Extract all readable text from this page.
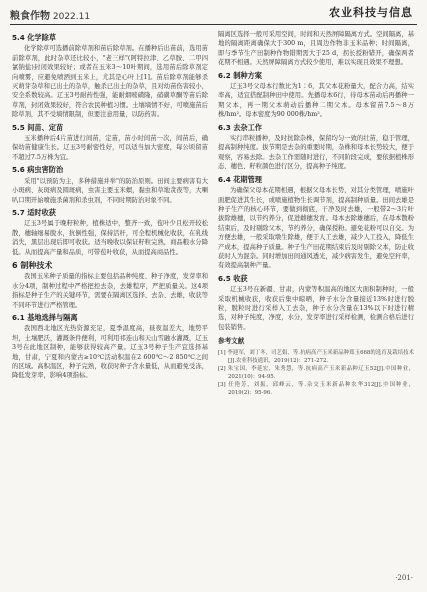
粮食作物 2022.11	农业科技与信息
5.4 化学除草

化学除草可选播前除草剂和苗后除草剂。在播种后出苗前，选用苗前除草剂，此时杂草还比较小，"老三样"(阿特拉津、乙草胺、二甲四氯钠盐)封闭效果较好；或者在玉米3～10叶期间，选用苗后除草剂定向喷雾，应避免喷洒到玉米上，尤其是心叶上[1]。苗后除草剂能够杀灭萌芽杂草和已出土的杂草，触杀已出土的杂草，且对幼苗伤害较小，安全系数较高。辽玉3号耐药性强，能耐烟嘧磺隆，硝磺草酮等苗后除草剂，封闭效果较好，符合农民种植习惯。土壤墒情不好，可喷施苗后除草剂，其不受墒情限制，但要注意用量，以防药害。

5.5 间苗、定苗

玉米播种后4片苗进行间苗，定苗，苗小时间苗一次，间苗后，确保幼苗健康生长。辽玉3号耐密性好，可以适当加大密度，每公顷留苗不超过7.5万株为宜。

5.6 病虫害防治

采用"以预防为主，多种措施并举"的防治原则。田间主要病害有大小斑病、灰斑病及圆斑病，虫害主要玉米螟，黏虫和草地贪夜等，大喇叭口期开始喷施杀菌剂和杀虫剂，不同时期防治对象不同。

5.7 适时收获

辽玉3号属于晚籽粒种，植株适中，整齐一致，苞叶少且松开较松散，穗轴细易脱水，抗倒性强，保持活秆，可全程机械化收获，在乳线消失，黑层出现后即可收获。适当晚收以保证籽粒完熟，商品粮水分降低。从而提高产量和品质，可带苞叶收获，从而提高商品性。

6 制种技术

我国玉米种子质量的指标主要包括品种纯度、种子净度，发芽率和水分4项，制种过程中严格把控去杂，去雄程序，严把质量关。这4项指标是种子生产的关键环节，需要在隔离区选择、去杂、去雄，收获等不同环节进行严格管理。

6.1 基地选择与隔离

我国西北地区光热资源充足，夏季温度高，昼夜温差大，地势平坦，土壤肥沃，灌溉条件便利，可利用祁连山和天山雪融水灌溉，辽玉3号在此地区制种，能够获得较高产量。辽玉3号种子生产宜选择基地，甘肃，宁夏和内蒙古≥10℃活动积温在2 600℃～2 850℃之间的区域。高积温区，种子完熟，收获时种子含水量低，从而避免受冻，降低发芽率，影响4项指标。

隔离区选择一般可采用空间，时间和天然屏障隔离方式。空间隔离，基地的隔离距离确保大于300 m，且周边作物非玉米品种；时间隔离，即与季节生产田制种作物错期需大于25 d，拐长授粉错开，确保两者花期不相遇。天然屏障隔离方式较少使用，难以实现且效果不理想。

6.2 制种方案

辽玉3号父母本行数比为1∶6，其父本花粉量大，配合力高，结实率高，适宜搭配制种田中使用。先播母本6行，待母本苗动后再播种一期父本，再一期父本萌动后播种二期父本。母本留苗7.5～8万株/hm²。母本密度为90 000株/hm²。

6.3 去杂工作

实行串粒播种，及时抗除杂株，保留均匀一致的壮苗，稳于管理，提高制种纯度。拔节期是去杂的重要时期，杂株和母本长势较大，便于观察，容易去除。去杂工作需随时进行，不同阶段完成，要依据植株形态、穗色、籽粒颜色进行区分，提高种子纯度。

6.4 花期管理

为确保父母本花期相遇，根据父母本长势，对其分类管理，喷施叶面肥促进其生长，或喷施植物生长调节剂，提高制种质量。田间去雄是种子生产的核心环节，要做到彻底，干净及时去雄，一般带2～3片叶拔除雄穗，以节约养分，促进雌穗发育。母本去除雄穗后，在母本散粉结束后，及时剔除父本，节约养分，确保授粉。避免花粉可以自交。为方便去雄，一般采取墩生除雄，便于人工去雄，减少人工投入，降低生产成本，提高种子质量。种子生产田花期结束后及时剔除父本，防止收获时人为混杂。同时增加田间通风透光，减少病害发生，避免空秆率，有效提高制种产量。

6.5 收获

辽玉3号在新疆、甘肃，内蒙等积温高的地区大面积制种时，一般采取机械收获，收获后集中晾晒，种子水分含量接近13%时进行脱粒，脱粒时进行采样入工去杂，种子水分含量在13%以下时进行精选，对种子纯度，净度，水分，发芽率进行采样检测，检测合格后进行包装销售。

参考文献

[1] 李迎军，刘丁冬，司艺娟，等.抗病高产玉米新品种郑玉668的选育及栽培技术[J].农业科技通讯，2019(12)：271-272.

[2] 朱宝国，李延宏，朱秀慧，等.抗病高产玉米新品种辽玉52[J].中国种业，2021(10)：94-95.

[3] 任艳芳，刘振，邱峰云，等.杂交玉米新品种农华312[J].中国种业，2019(2)：95-96.

·201·
